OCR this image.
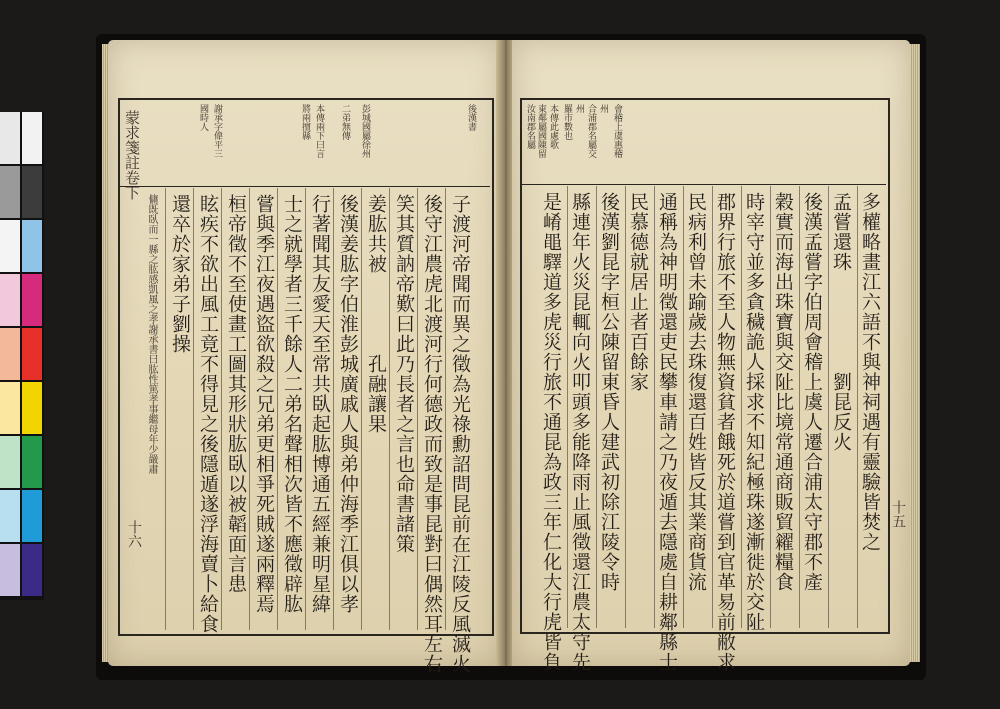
後漢書
彭城國屬徐州
二弟無傳
本傳兩下曰言
將兩擅縣
謝承字偉平三
國時人
蒙求箋註卷下
十六	子渡河帝聞而異之徵為光祿勳詔問昆前在江陵反風滅火
後守江農虎北渡河行何德政而致是事昆對曰偶然耳左右
笑其質訥帝歎曰此乃長者之言也命書諸策
姜肱共被　　　　孔融讓果
後漢姜肱字伯淮彭城廣戚人與弟仲海季江俱以孝
行著聞其友愛天至常共臥起肱博通五經兼明星緯
士之就學者三千餘人二弟名聲相次皆不應徵辟肱
嘗與季江夜遇盜欲殺之兄弟更相爭死賊遂兩釋焉
桓帝徵不至使畫工圖其形狀肱臥以被韜面言患
眩疾不欲出風工竟不得見之後隱遁遂浮海賣卜給食
還卒於家弟子劉操
傭既臥而一縣之肱感凱風之孝謝承書曰肱性篤孝事繼母年少嚴肅
會稽上虞惠稽
州
合浦郡名屬交
州
羅市數也
本傳此處歌
東鄰屬國陳留
汝南郡名屬
十五
多權略畫江六語不與神祠遇有靈驗皆焚之
孟嘗還珠　　　　　劉昆反火
後漢孟嘗字伯周會稽上虞人遷合浦太守郡不產
穀實而海出珠寶與交阯比境常通商販貿糴糧食
時宰守並多貪穢詭人採求不知紀極珠遂漸徙於交阯
郡界行旅不至人物無資貧者餓死於道嘗到官革易前敝求
民病利曾未踰歲去珠復還百姓皆反其業商貨流
通稱為神明徵還吏民攀車請之乃夜遁去隱處自耕鄰縣士
民慕德就居止者百餘家
後漢劉昆字桓公陳留東昏人建武初除江陵令時
縣連年火災昆輒向火叩頭多能降雨止風徵還江農太守先
是崤黽驛道多虎災行旅不通昆為政三年仁化大行虎皆負
